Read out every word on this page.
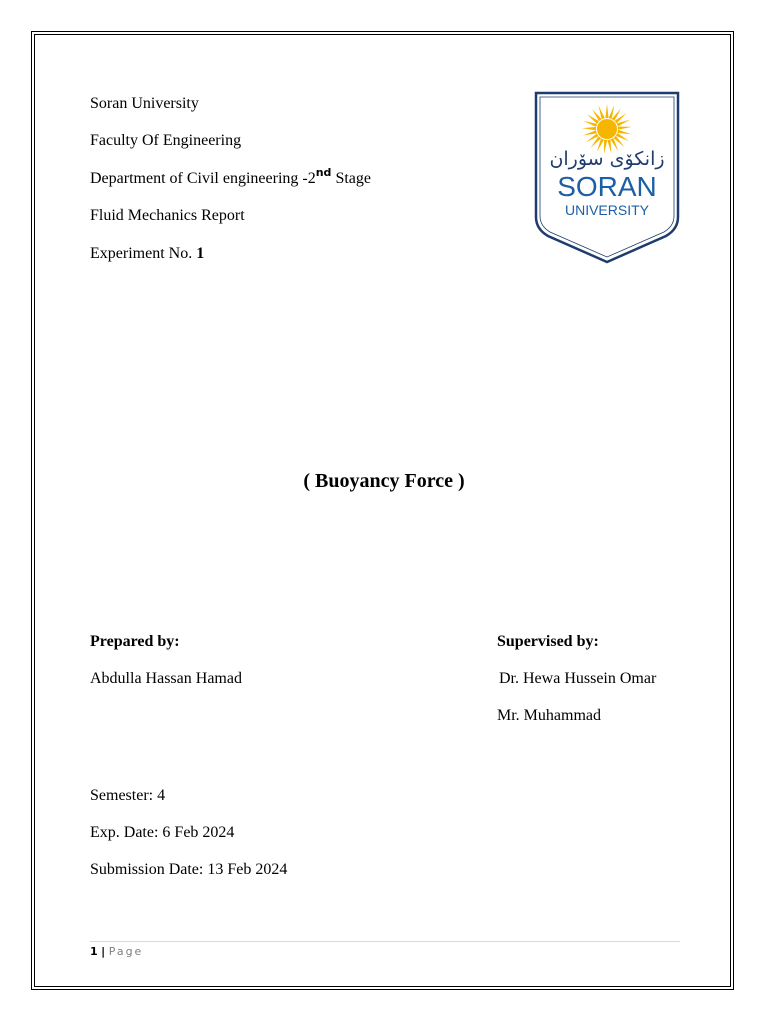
Soran University
Faculty Of Engineering
Department of Civil engineering -2nd Stage
Fluid Mechanics Report
Experiment No. 1
زانكۆی سۆران
SORAN
UNIVERSITY
( Buoyancy Force )
Prepared by:
Abdulla Hassan Hamad
Supervised by:
Dr. Hewa Hussein Omar
Mr. Muhammad
Semester: 4
Exp. Date: 6 Feb 2024
Submission Date: 13 Feb 2024
1 | Page
